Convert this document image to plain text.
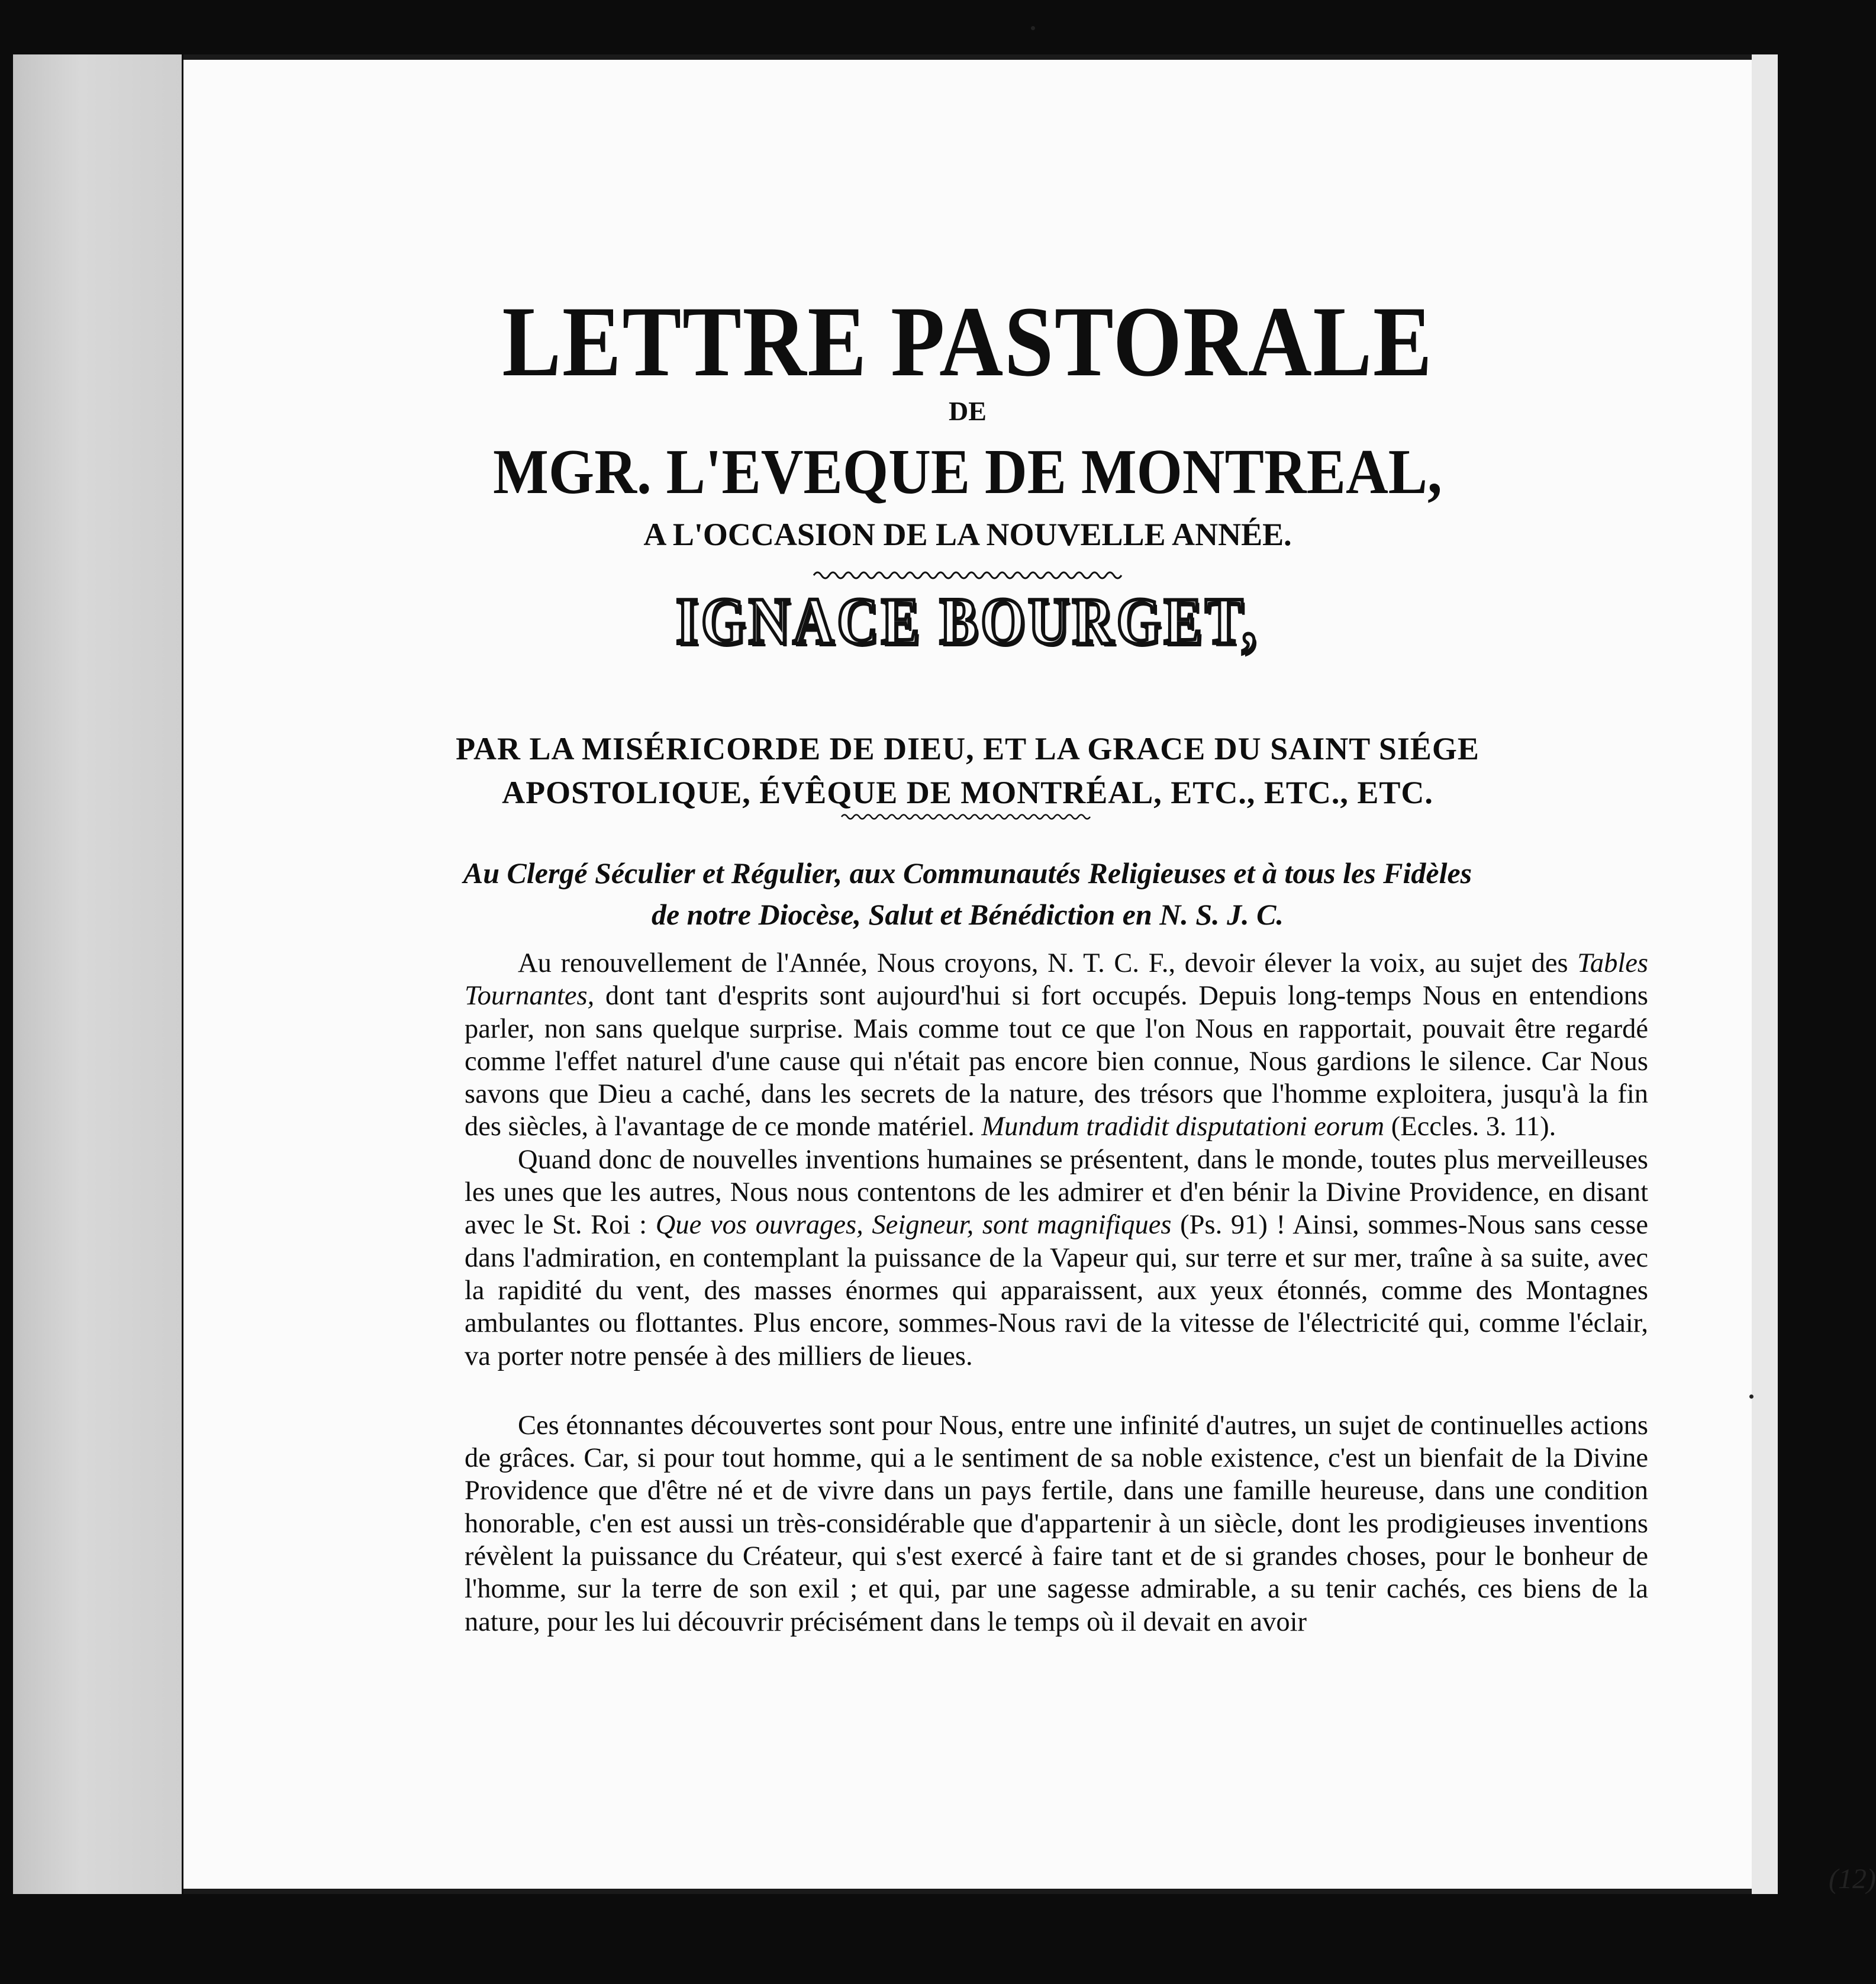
LETTRE PASTORALE
DE
MGR. L'EVEQUE DE MONTREAL,
A L'OCCASION DE LA NOUVELLE ANNÉE.
IGNACE BOURGET,
PAR LA MISÉRICORDE DE DIEU, ET LA GRACE DU SAINT SIÉGE
APOSTOLIQUE, ÉVÊQUE DE MONTRÉAL, ETC., ETC., ETC.
Au Clergé Séculier et Régulier, aux Communautés Religieuses et à tous les Fidèles
de notre Diocèse, Salut et Bénédiction en N. S. J. C.

Au renouvellement de l'Année, Nous croyons, N. T. C. F., devoir élever la voix, au sujet des Tables Tournantes, dont tant d'esprits sont aujourd'hui si fort occupés. Depuis long-temps Nous en entendions parler, non sans quelque surprise. Mais comme tout ce que l'on Nous en rapportait, pouvait être regardé comme l'effet naturel d'une cause qui n'était pas encore bien connue, Nous gardions le silence. Car Nous savons que Dieu a caché, dans les secrets de la nature, des trésors que l'homme exploitera, jusqu'à la fin des siècles, à l'avantage de ce monde matériel. Mundum tradidit disputationi eorum (Eccles. 3. 11).

Quand donc de nouvelles inventions humaines se présentent, dans le monde, toutes plus merveilleuses les unes que les autres, Nous nous contentons de les admirer et d'en bénir la Divine Providence, en disant avec le St. Roi : Que vos ouvrages, Seigneur, sont magnifiques (Ps. 91) ! Ainsi, sommes-Nous sans cesse dans l'admiration, en contemplant la puissance de la Vapeur qui, sur terre et sur mer, traîne à sa suite, avec la rapidité du vent, des masses énormes qui apparaissent, aux yeux étonnés, comme des Montagnes ambulantes ou flottantes. Plus encore, sommes-Nous ravi de la vitesse de l'électricité qui, comme l'éclair, va porter notre pensée à des milliers de lieues.

Ces étonnantes découvertes sont pour Nous, entre une infinité d'autres, un sujet de continuelles actions de grâces. Car, si pour tout homme, qui a le sentiment de sa noble existence, c'est un bienfait de la Divine Providence que d'être né et de vivre dans un pays fertile, dans une famille heureuse, dans une condition honorable, c'en est aussi un très-considérable que d'appartenir à un siècle, dont les prodigieuses inventions révèlent la puissance du Créateur, qui s'est exercé à faire tant et de si grandes choses, pour le bonheur de l'homme, sur la terre de son exil ; et qui, par une sagesse admirable, a su tenir cachés, ces biens de la nature, pour les lui découvrir précisément dans le temps où il devait en avoir

(12)
